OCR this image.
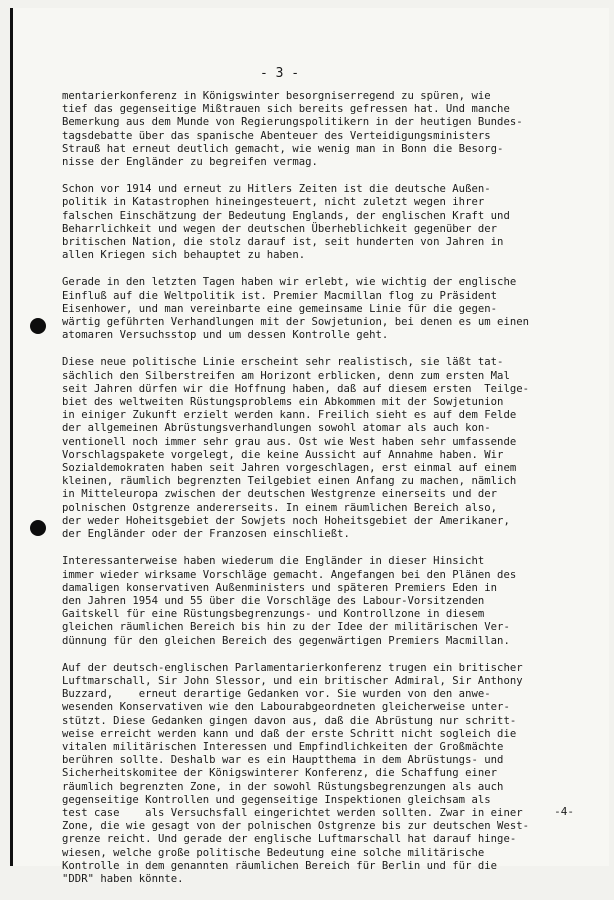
- 3 -
mentarierkonferenz in Königswinter besorgniserregend zu spüren, wie
tief das gegenseitige Mißtrauen sich bereits gefressen hat. Und manche
Bemerkung aus dem Munde von Regierungspolitikern in der heutigen Bundes-
tagsdebatte über das spanische Abenteuer des Verteidigungsministers
Strauß hat erneut deutlich gemacht, wie wenig man in Bonn die Besorg-
nisse der Engländer zu begreifen vermag.
Schon vor 1914 und erneut zu Hitlers Zeiten ist die deutsche Außen-
politik in Katastrophen hineingesteuert, nicht zuletzt wegen ihrer
falschen Einschätzung der Bedeutung Englands, der englischen Kraft und
Beharrlichkeit und wegen der deutschen Überheblichkeit gegenüber der
britischen Nation, die stolz darauf ist, seit hunderten von Jahren in
allen Kriegen sich behauptet zu haben.
Gerade in den letzten Tagen haben wir erlebt, wie wichtig der englische
Einfluß auf die Weltpolitik ist. Premier Macmillan flog zu Präsident
Eisenhower, und man vereinbarte eine gemeinsame Linie für die gegen-
wärtig geführten Verhandlungen mit der Sowjetunion, bei denen es um einen
atomaren Versuchsstop und um dessen Kontrolle geht.
Diese neue politische Linie erscheint sehr realistisch, sie läßt tat-
sächlich den Silberstreifen am Horizont erblicken, denn zum ersten Mal
seit Jahren dürfen wir die Hoffnung haben, daß auf diesem ersten  Teilge-
biet des weltweiten Rüstungsproblems ein Abkommen mit der Sowjetunion
in einiger Zukunft erzielt werden kann. Freilich sieht es auf dem Felde
der allgemeinen Abrüstungsverhandlungen sowohl atomar als auch kon-
ventionell noch immer sehr grau aus. Ost wie West haben sehr umfassende
Vorschlagspakete vorgelegt, die keine Aussicht auf Annahme haben. Wir
Sozialdemokraten haben seit Jahren vorgeschlagen, erst einmal auf einem
kleinen, räumlich begrenzten Teilgebiet einen Anfang zu machen, nämlich
in Mitteleuropa zwischen der deutschen Westgrenze einerseits und der
polnischen Ostgrenze andererseits. In einem räumlichen Bereich also,
der weder Hoheitsgebiet der Sowjets noch Hoheitsgebiet der Amerikaner,
der Engländer oder der Franzosen einschließt.
Interessanterweise haben wiederum die Engländer in dieser Hinsicht
immer wieder wirksame Vorschläge gemacht. Angefangen bei den Plänen des
damaligen konservativen Außenministers und späteren Premiers Eden in
den Jahren 1954 und 55 über die Vorschläge des Labour-Vorsitzenden
Gaitskell für eine Rüstungsbegrenzungs- und Kontrollzone in diesem
gleichen räumlichen Bereich bis hin zu der Idee der militärischen Ver-
dünnung für den gleichen Bereich des gegenwärtigen Premiers Macmillan.
Auf der deutsch-englischen Parlamentarierkonferenz trugen ein britischer
Luftmarschall, Sir John Slessor, und ein britischer Admiral, Sir Anthony
Buzzard,    erneut derartige Gedanken vor. Sie wurden von den anwe-
wesenden Konservativen wie den Labourabgeordneten gleicherweise unter-
stützt. Diese Gedanken gingen davon aus, daß die Abrüstung nur schritt-
weise erreicht werden kann und daß der erste Schritt nicht sogleich die
vitalen militärischen Interessen und Empfindlichkeiten der Großmächte
berühren sollte. Deshalb war es ein Hauptthema in dem Abrüstungs- und
Sicherheitskomitee der Königswinterer Konferenz, die Schaffung einer
räumlich begrenzten Zone, in der sowohl Rüstungsbegrenzungen als auch
gegenseitige Kontrollen und gegenseitige Inspektionen gleichsam als
test case    als Versuchsfall eingerichtet werden sollten. Zwar in einer
Zone, die wie gesagt von der polnischen Ostgrenze bis zur deutschen West-
grenze reicht. Und gerade der englische Luftmarschall hat darauf hinge-
wiesen, welche große politische Bedeutung eine solche militärische
Kontrolle in dem genannten räumlichen Bereich für Berlin und für die
"DDR" haben könnte.
-4-
